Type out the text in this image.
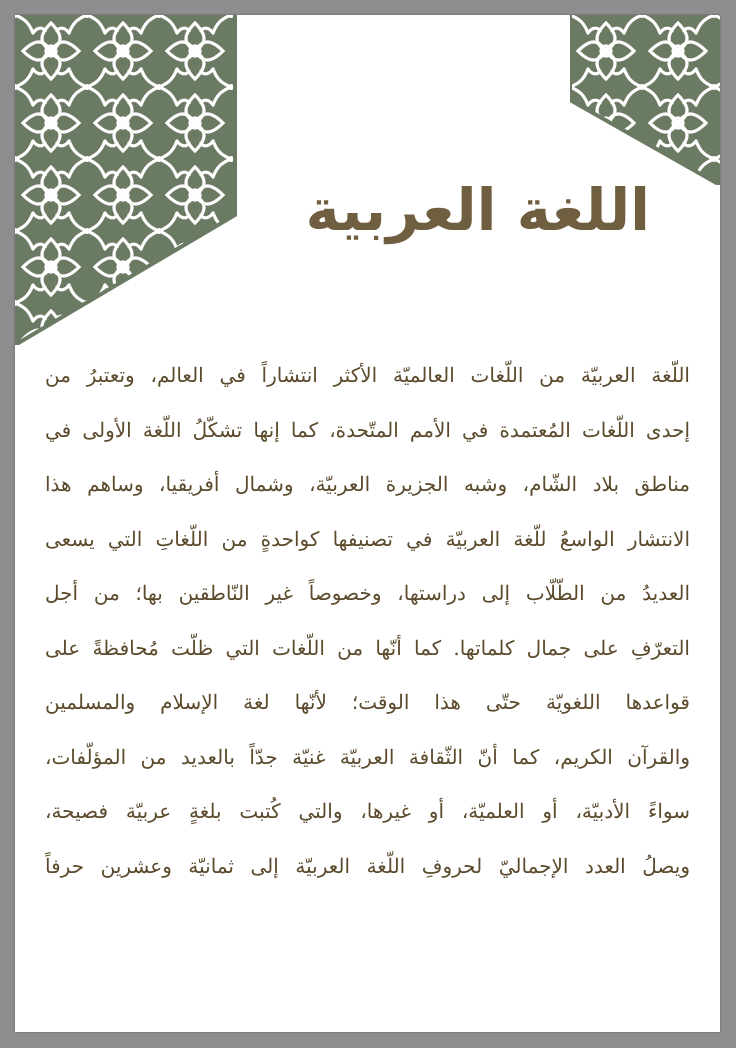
اللغة العربية
اللّغة العربيّة من اللّغات العالميّة الأكثر انتشاراً في العالم، وتعتبرُ من
إحدى اللّغات المُعتمدة في الأمم المتّحدة، كما إنها تشكّلُ اللّغة الأولى في
مناطق بلاد الشّام، وشبه الجزيرة العربيّة، وشمال أفريقيا، وساهم هذا
الانتشار الواسعُ للّغة العربيّة في تصنيفها كواحدةٍ من اللّغاتِ التي يسعى
العديدُ من الطّلّاب إلى دراستها، وخصوصاً غير النّاطقين بها؛ من أجل
التعرّفِ على جمال كلماتها. كما أنّها من اللّغات التي ظلّت مُحافظةً على
قواعدها اللغويّة حتّى هذا الوقت؛ لأنّها لغة الإسلام والمسلمين
والقرآن الكريم، كما أنّ الثّقافة العربيّة غنيّة جدّاً بالعديد من المؤلّفات،
سواءً الأدبيّة، أو العلميّة، أو غيرها، والتي كُتبت بلغةٍ عربيّة فصيحة،
ويصلُ العدد الإجماليّ لحروفِ اللّغة العربيّة إلى ثمانيّة وعشرين حرفاً
